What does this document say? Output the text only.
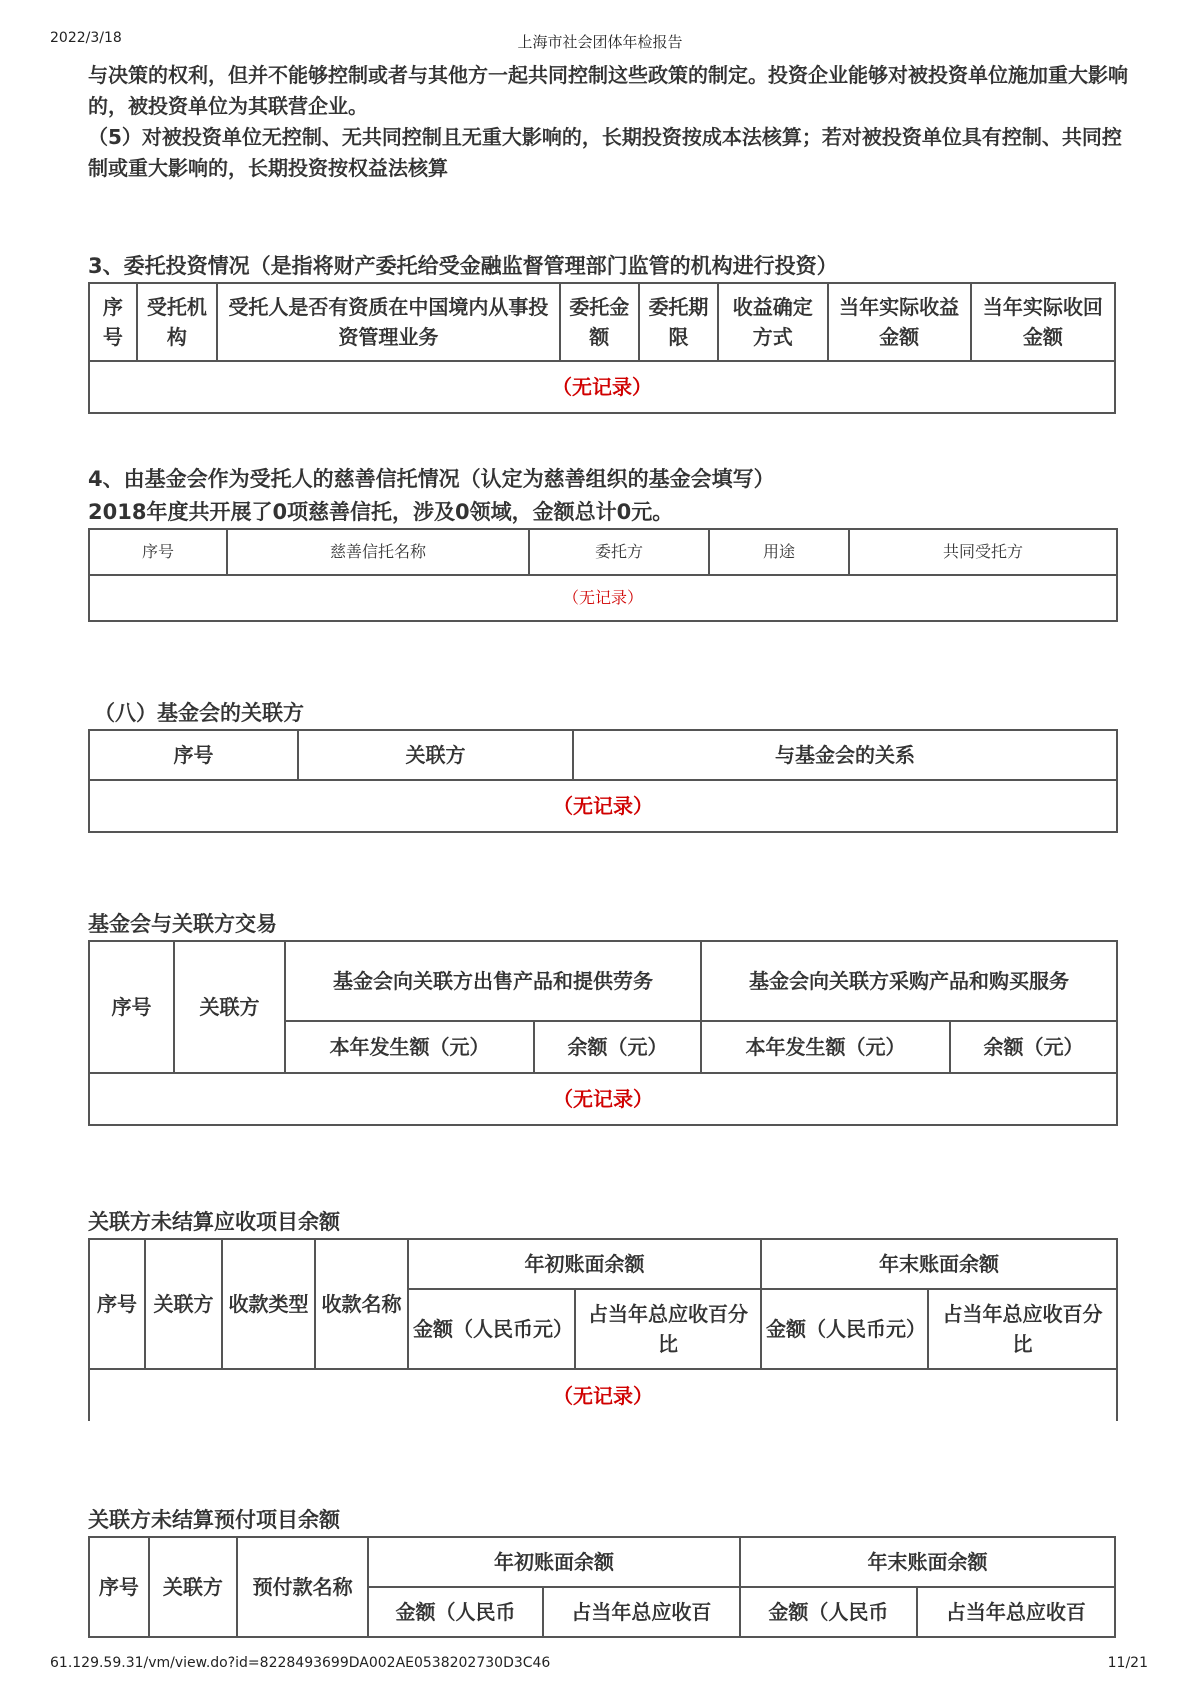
2022/3/18	上海市社会团体年检报告
与决策的权利，但并不能够控制或者与其他方一起共同控制这些政策的制定。投资企业能够对被投资单位施加重大影响的，被投资单位为其联营企业。
（5）对被投资单位无控制、无共同控制且无重大影响的，长期投资按成本法核算；若对被投资单位具有控制、共同控制或重大影响的，长期投资按权益法核算
3、委托投资情况（是指将财产委托给受金融监督管理部门监管的机构进行投资）
序号	受托机构	受托人是否有资质在中国境内从事投资管理业务	委托金额	委托期限	收益确定方式	当年实际收益金额	当年实际收回金额
（无记录）
4、由基金会作为受托人的慈善信托情况（认定为慈善组织的基金会填写）
2018年度共开展了0项慈善信托，涉及0领域，金额总计0元。
序号	慈善信托名称	委托方	用途	共同受托方
（无记录）
（八）基金会的关联方
序号	关联方	与基金会的关系
（无记录）
基金会与关联方交易
序号	关联方	基金会向关联方出售产品和提供劳务		基金会向关联方采购产品和购买服务	
		本年发生额（元）	余额（元）	本年发生额（元）	余额（元）
（无记录）					
关联方未结算应收项目余额
序号	关联方	收款类型	收款名称	年初账面余额		年末账面余额	
				金额（人民币元）	占当年总应收百分比	金额（人民币元）	占当年总应收百分比
（无记录）							
关联方未结算预付项目余额
序号	关联方	预付款名称	年初账面余额		年末账面余额	
			金额（人民币	占当年总应收百	金额（人民币	占当年总应收百
61.129.59.31/vm/view.do?id=8228493699DA002AE0538202730D3C46	11/21
